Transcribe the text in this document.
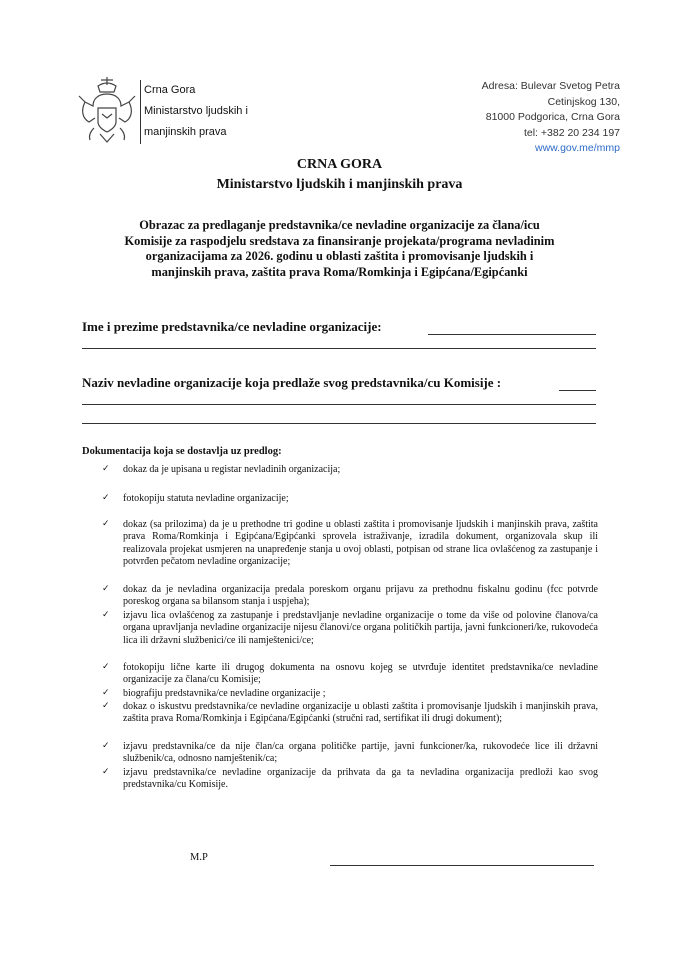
Crna Gora
Ministarstvo ljudskih i
manjinskih prava
Adresa: Bulevar Svetog Petra
Cetinjskog 130,
81000 Podgorica, Crna Gora
tel: +382 20 234 197
www.gov.me/mmp
CRNA GORA
Ministarstvo ljudskih i manjinskih prava
Obrazac za predlaganje predstavnika/ce nevladine organizacije za člana/icu
Komisije za raspodjelu sredstava za finansiranje projekata/programa nevladinim
organizacijama za 2026. godinu u oblasti zaštita i promovisanje ljudskih i
manjinskih prava, zaštita prava Roma/Romkinja i Egipćana/Egipćanki
Ime i prezime predstavnika/ce nevladine organizacije:
Naziv nevladine organizacije koja predlaže svog predstavnika/cu Komisije :
Dokumentacija koja se dostavlja uz predlog:
✓ dokaz da je upisana u registar nevladinih organizacija;
✓ fotokopiju statuta nevladine organizacije;
✓ dokaz (sa prilozima) da je u prethodne tri godine u oblasti zaštita i promovisanje ljudskih i manjinskih prava, zaštita prava Roma/Romkinja i Egipćana/Egipćanki sprovela istraživanje, izradila dokument, organizovala skup ili realizovala projekat usmjeren na unapređenje stanja u ovoj oblasti, potpisan od strane lica ovlašćenog za zastupanje i potvrđen pečatom nevladine organizacije;
✓ dokaz da je nevladina organizacija predala poreskom organu prijavu za prethodnu fiskalnu godinu (fcc potvrde poreskog organa sa bilansom stanja i uspjeha);
✓ izjavu lica ovlašćenog za zastupanje i predstavljanje nevladine organizacije o tome da više od polovine članova/ca organa upravljanja nevladine organizacije nijesu članovi/ce organa političkih partija, javni funkcioneri/ke, rukovodeća lica ili državni službenici/ce ili namještenici/ce;
✓ fotokopiju lične karte ili drugog dokumenta na osnovu kojeg se utvrđuje identitet predstavnika/ce nevladine organizacije za člana/cu Komisije;
✓ biografiju predstavnika/ce nevladine organizacije ;
✓ dokaz o iskustvu predstavnika/ce nevladine organizacije u oblasti zaštita i promovisanje ljudskih i manjinskih prava, zaštita prava Roma/Romkinja i Egipćana/Egipćanki (stručni rad, sertifikat ili drugi dokument);
✓ izjavu predstavnika/ce da nije član/ca organa političke partije, javni funkcioner/ka, rukovodeće lice ili državni službenik/ca, odnosno namještenik/ca;
✓ izjavu predstavnika/ce nevladine organizacije da prihvata da ga ta nevladina organizacija predloži kao svog predstavnika/cu Komisije.
M.P
